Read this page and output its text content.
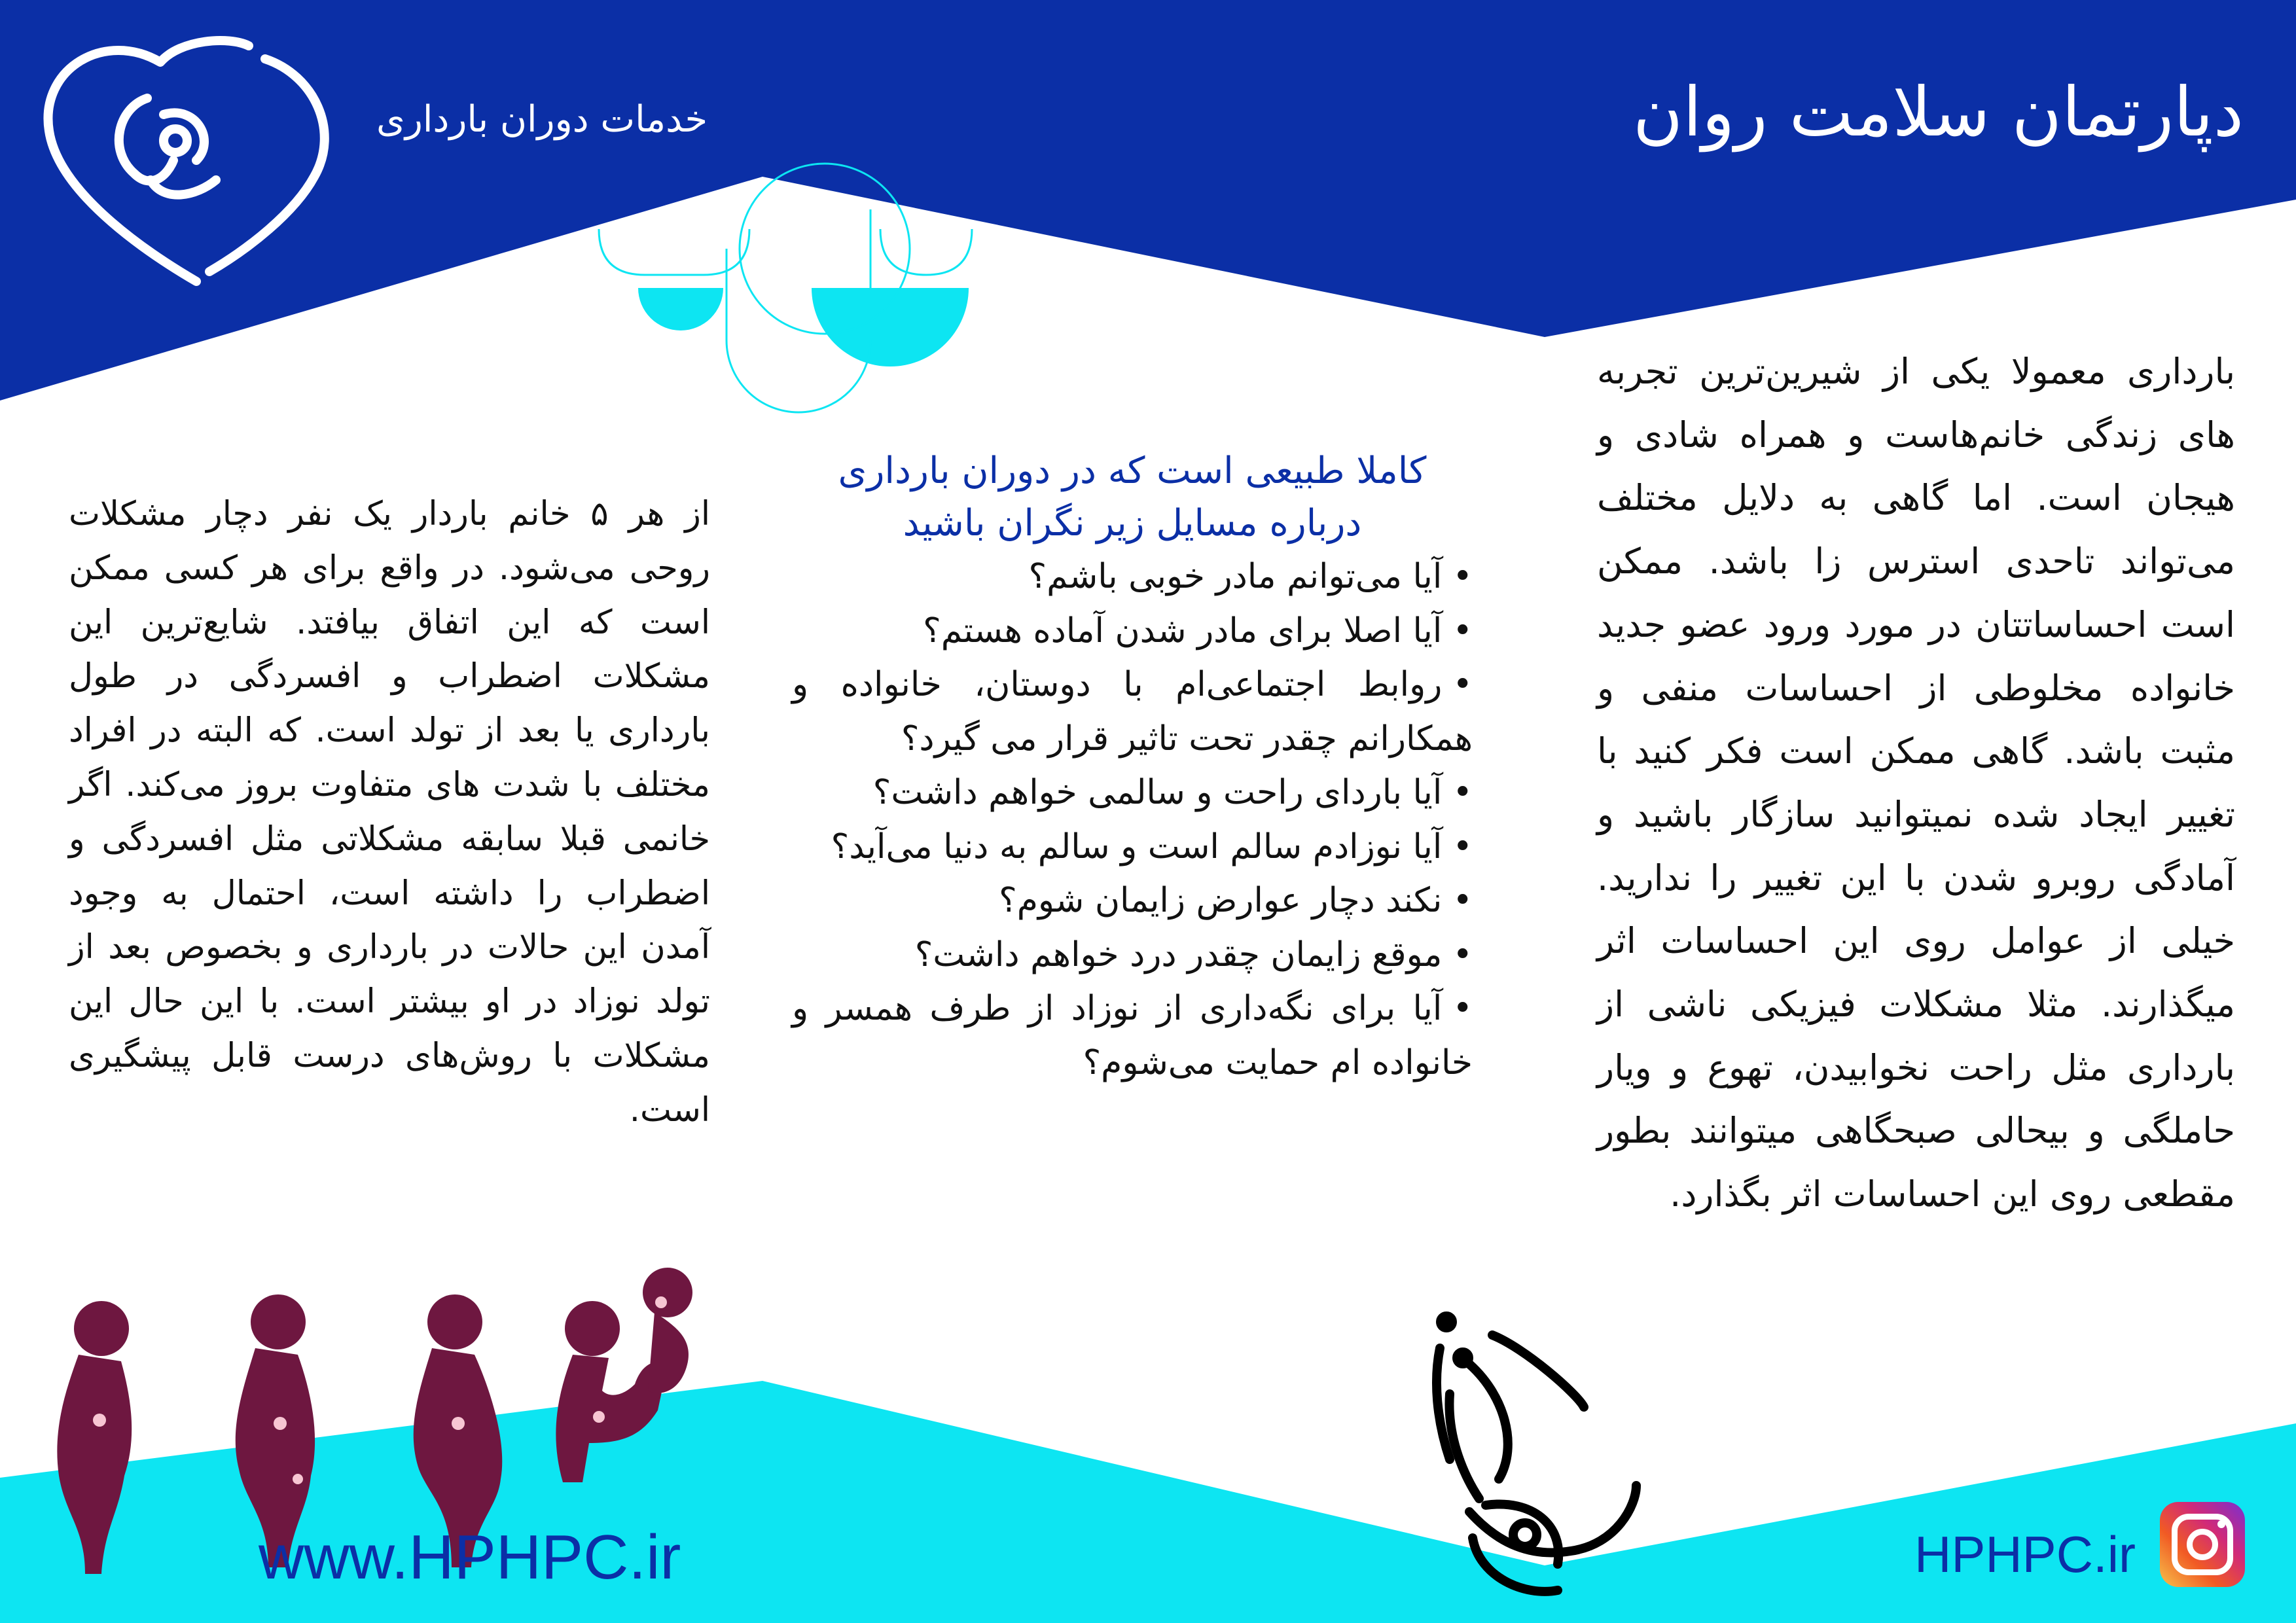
دپارتمان سلامت روان
خدمات دوران بارداری

بارداری معمولا یکی از شیرین‌ترین تجربه های زندگی خانم‌هاست و همراه شادی و هیجان است. اما گاهی به دلایل مختلف می‌تواند تاحدی استرس زا باشد. ممکن است احساساتتان در مورد ورود عضو جدید خانواده مخلوطی از احساسات منفی و مثبت باشد. گاهی ممکن است فکر کنید با تغییر ایجاد شده نمیتوانید سازگار باشید و آمادگی روبرو شدن با این تغییر را ندارید. خیلی از عوامل روی این احساسات اثر میگذارند. مثلا مشکلات فیزیکی ناشی از بارداری مثل راحت نخوابیدن، تهوع و ویار حاملگی و بیحالی صبحگاهی میتوانند بطور مقطعی روی این احساسات اثر بگذارد.

کاملا طبیعی است که در دوران بارداری درباره مسایل زیر نگران باشید

•آیا می‌توانم مادر خوبی باشم؟
•آیا اصلا برای مادر شدن آماده هستم؟
•روابط اجتماعی‌ام با دوستان، خانواده و همکارانم چقدر تحت تاثیر قرار می گیرد؟
•آیا باردای راحت و سالمی خواهم داشت؟
•آیا نوزادم سالم است و سالم به دنیا می‌آید؟
•نکند دچار عوارض زایمان شوم؟
•موقع زایمان چقدر درد خواهم داشت؟
•آیا برای نگه‌داری از نوزاد از طرف همسر و خانواده ام حمایت می‌شوم؟

از هر ۵ خانم باردار یک نفر دچار مشکلات روحی می‌شود. در واقع برای هر کسی ممکن است که این اتفاق بیافتد. شایع‌ترین این مشکلات اضطراب و افسردگی در طول بارداری یا بعد از تولد است. که البته در افراد مختلف با شدت های متفاوت بروز می‌کند. اگر خانمی قبلا سابقه مشکلاتی مثل افسردگی و اضطراب را داشته است، احتمال به وجود آمدن این حالات در بارداری و بخصوص بعد از تولد نوزاد در او بیشتر است. با این حال این مشکلات با روش‌های درست قابل پیشگیری است.

www.HPHPC.ir	HPHPC.ir
